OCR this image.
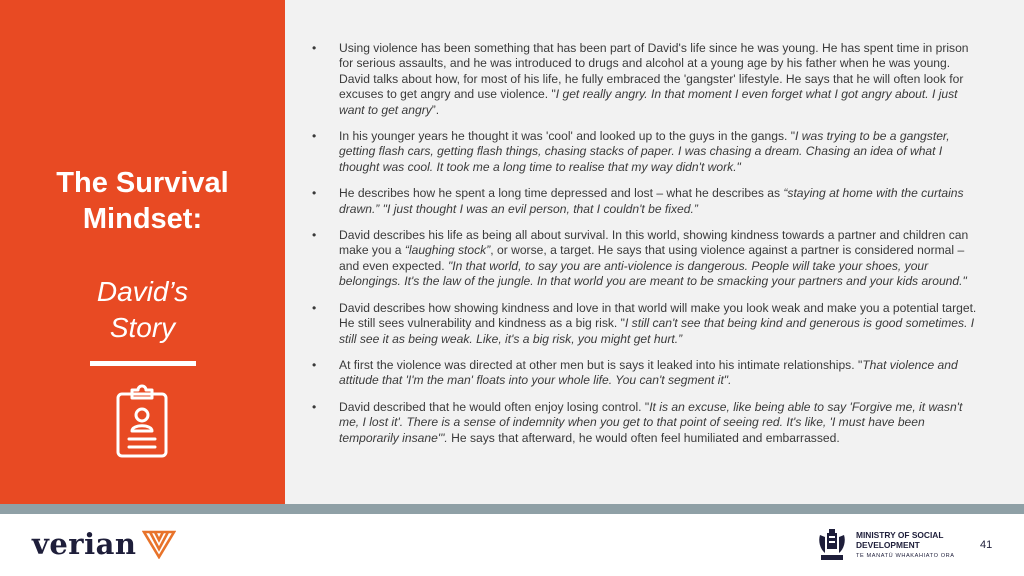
The Survival
Mindset:
David’s
Story
• Using violence has been something that has been part of David's life since he was young. He has spent time in prison for serious assaults, and he was introduced to drugs and alcohol at a young age by his father when he was young. David talks about how, for most of his life, he fully embraced the 'gangster' lifestyle. He says that he will often look for excuses to get angry and use violence. "I get really angry. In that moment I even forget what I got angry about. I just want to get angry”.
• In his younger years he thought it was 'cool' and looked up to the guys in the gangs. "I was trying to be a gangster, getting flash cars, getting flash things, chasing stacks of paper. I was chasing a dream. Chasing an idea of what I thought was cool. It took me a long time to realise that my way didn't work."
• He describes how he spent a long time depressed and lost – what he describes as “staying at home with the curtains drawn.” "I just thought I was an evil person, that I couldn't be fixed.”
• David describes his life as being all about survival. In this world, showing kindness towards a partner and children can make you a “laughing stock”, or worse, a target. He says that using violence against a partner is considered normal – and even expected. "In that world, to say you are anti-violence is dangerous. People will take your shoes, your belongings. It's the law of the jungle. In that world you are meant to be smacking your partners and your kids around."
• David describes how showing kindness and love in that world will make you look weak and make you a potential target. He still sees vulnerability and kindness as a big risk. "I still can't see that being kind and generous is good sometimes. I still see it as being weak. Like, it's a big risk, you might get hurt.”
• At first the violence was directed at other men but is says it leaked into his intimate relationships. "That violence and attitude that 'I'm the man' floats into your whole life. You can't segment it".
• David described that he would often enjoy losing control. "It is an excuse, like being able to say 'Forgive me, it wasn't me, I lost it'. There is a sense of indemnity when you get to that point of seeing red. It's like, 'I must have been temporarily insane'". He says that afterward, he would often feel humiliated and embarrassed.
verian	MINISTRY OF SOCIAL
DEVELOPMENT
TE MANATŪ WHAKAHIATO ORA
41
